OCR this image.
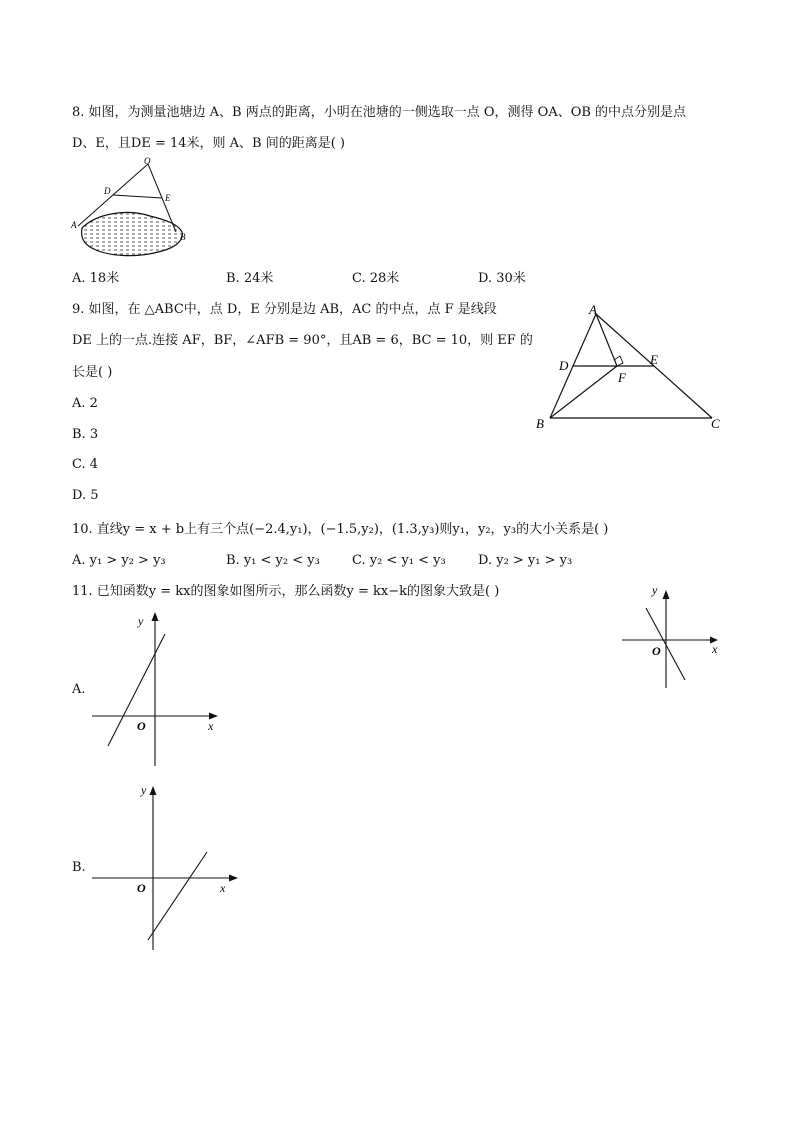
8. 如图，为测量池塘边 A、B 两点的距离，小明在池塘的一侧选取一点 O，测得 OA、OB 的中点分别是点
D、E，且DE = 14米，则 A、B 间的距离是( )
O
D
E
A
B
A. 18米	B. 24米	C. 28米	D. 30米
9. 如图，在 △ABC中，点 D，E 分别是边 AB，AC 的中点，点 F 是线段
DE 上的一点.连接 AF，BF，∠AFB = 90°，且AB = 6，BC = 10，则 EF 的
长是( )
A. 2
B. 3
C. 4
D. 5
A
B	C
D	E
F
10. 直线y = x + b上有三个点(−2.4,y₁)，(−1.5,y₂)，(1.3,y₃)则y₁，y₂，y₃的大小关系是( )
A. y₁ > y₂ > y₃	B. y₁ < y₂ < y₃ C. y₂ < y₁ < y₃ D. y₂ > y₁ > y₃
11. 已知函数y = kx的图象如图所示，那么函数y = kx−k的图象大致是( )	y
x
O
A.
y
x
O
B.
y
x
O
